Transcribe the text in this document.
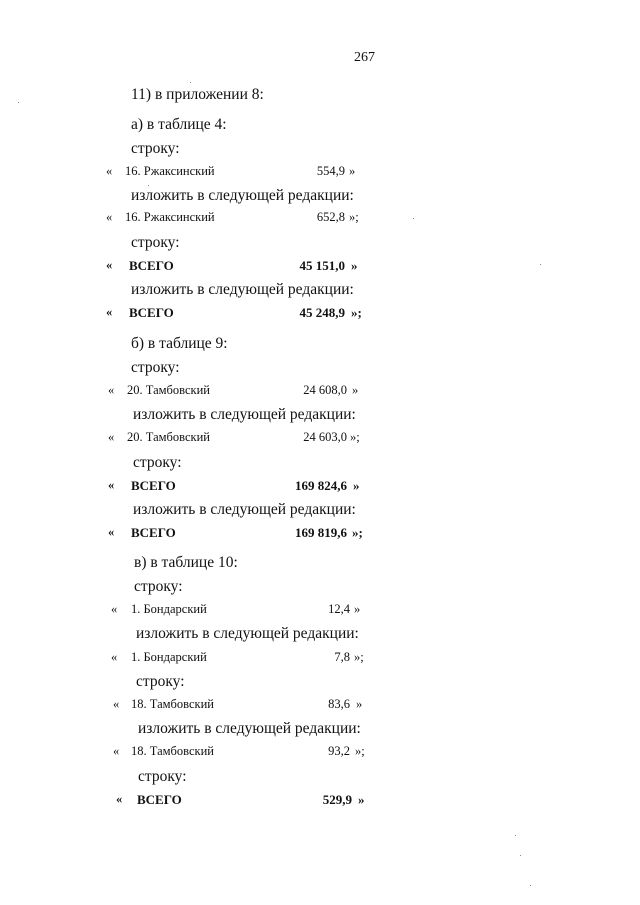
267
11) в приложении 8:
а) в таблице 4:
строку:
« 16. Ржаксинский	554,9 »
изложить в следующей редакции:
« 16. Ржаксинский	652,8 »;
строку:
« ВСЕГО	45 151,0 »
изложить в следующей редакции:
« ВСЕГО	45 248,9 »;
б) в таблице 9:
строку:
« 20. Тамбовский	24 608,0 »
изложить в следующей редакции:
« 20. Тамбовский	24 603,0 »;
строку:
« ВСЕГО	169 824,6 »
изложить в следующей редакции:
« ВСЕГО	169 819,6 »;
в) в таблице 10:
строку:
« 1. Бондарский	12,4 »
изложить в следующей редакции:
« 1. Бондарский	7,8 »;
строку:
« 18. Тамбовский	83,6 »
изложить в следующей редакции:
« 18. Тамбовский	93,2 »;
строку:
« ВСЕГО	529,9 »
